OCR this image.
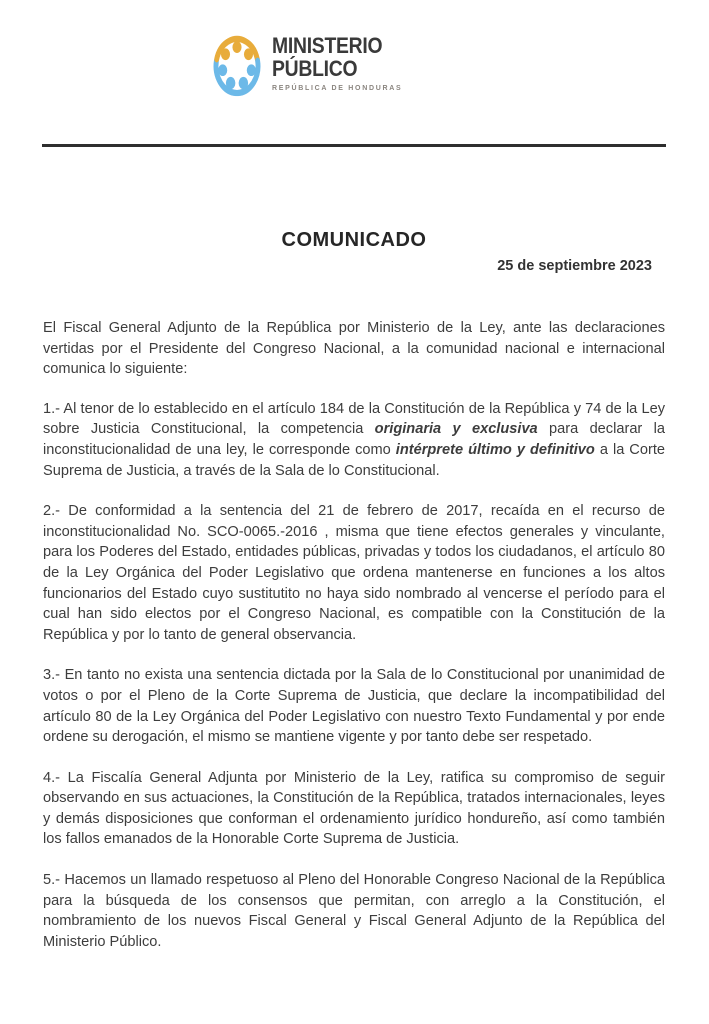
MINISTERIO
PÚBLICO
REPÚBLICA DE HONDURAS
COMUNICADO
25 de septiembre 2023

El Fiscal General Adjunto de la República por Ministerio de la Ley, ante las declaraciones vertidas por el Presidente del Congreso Nacional, a la comunidad nacional e internacional comunica lo siguiente:

1.- Al tenor de lo establecido en el artículo 184 de la Constitución de la República y 74 de la Ley sobre Justicia Constitucional, la competencia originaria y exclusiva para declarar la inconstitucionalidad de una ley, le corresponde como intérprete último y definitivo a la Corte Suprema de Justicia, a través de la Sala de lo Constitucional.

2.- De conformidad a la sentencia del 21 de febrero de 2017, recaída en el recurso de inconstitucionalidad No. SCO-0065.-2016 , misma que tiene efectos generales y vinculante, para los Poderes del Estado, entidades públicas, privadas y todos los ciudadanos, el artículo 80 de la Ley Orgánica del Poder Legislativo que ordena mantenerse en funciones a los altos funcionarios del Estado cuyo sustitutito no haya sido nombrado al vencerse el período para el cual han sido electos por el Congreso Nacional, es compatible con la Constitución de la República y por lo tanto de general observancia.

3.- En tanto no exista una sentencia dictada por la Sala de lo Constitucional por unanimidad de votos o por el Pleno de la Corte Suprema de Justicia, que declare la incompatibilidad del artículo 80 de la Ley Orgánica del Poder Legislativo con nuestro Texto Fundamental y por ende ordene su derogación, el mismo se mantiene vigente y por tanto debe ser respetado.

4.- La Fiscalía General Adjunta por Ministerio de la Ley, ratifica su compromiso de seguir observando en sus actuaciones, la Constitución de la República, tratados internacionales, leyes y demás disposiciones que conforman el ordenamiento jurídico hondureño, así como también los fallos emanados de la Honorable Corte Suprema de Justicia.

5.- Hacemos un llamado respetuoso al Pleno del Honorable Congreso Nacional de la República para la búsqueda de los consensos que permitan, con arreglo a la Constitución, el nombramiento de los nuevos Fiscal General y Fiscal General Adjunto de la República del Ministerio Público.
